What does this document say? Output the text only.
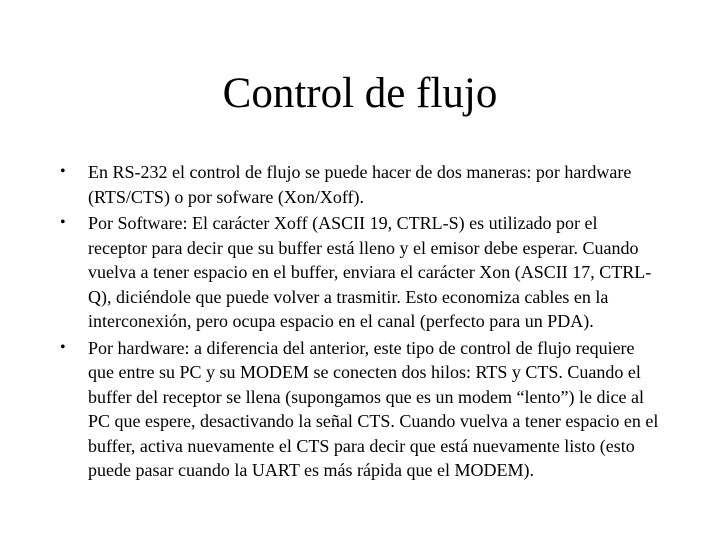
Control de flujo
• En RS-232 el control de flujo se puede hacer de dos maneras: por hardware (RTS/CTS) o por sofware (Xon/Xoff).
• Por Software: El carácter Xoff (ASCII 19, CTRL-S) es utilizado por el receptor para decir que su buffer está lleno y el emisor debe esperar. Cuando vuelva a tener espacio en el buffer, enviara el carácter Xon (ASCII 17, CTRL-Q), diciéndole que puede volver a trasmitir. Esto economiza cables en la interconexión, pero ocupa espacio en el canal (perfecto para un PDA).
• Por hardware: a diferencia del anterior, este tipo de control de flujo requiere que entre su PC y su MODEM se conecten dos hilos: RTS y CTS. Cuando el buffer del receptor se llena (supongamos que es un modem “lento”) le dice al PC que espere, desactivando la señal CTS. Cuando vuelva a tener espacio en el buffer, activa nuevamente el CTS para decir que está nuevamente listo (esto puede pasar cuando la UART es más rápida que el MODEM).
